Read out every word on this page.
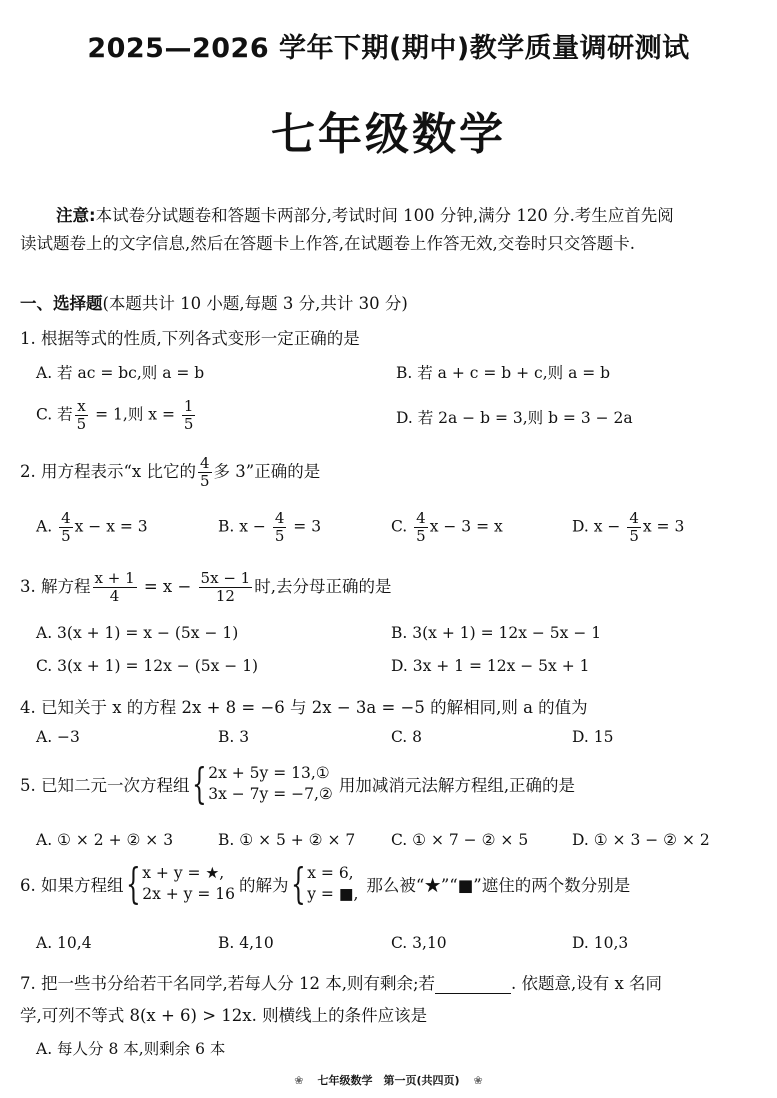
2025—2026 学年下期(期中)教学质量调研测试
七年级数学
注意:本试卷分试题卷和答题卡两部分,考试时间 100 分钟,满分 120 分.考生应首先阅
读试题卷上的文字信息,然后在答题卡上作答,在试题卷上作答无效,交卷时只交答题卡.
一、选择题(本题共计 10 小题,每题 3 分,共计 30 分)
1. 根据等式的性质,下列各式变形一定正确的是
A. 若 ac = bc,则 a = b	B. 若 a + c = b + c,则 a = b
C. 若 $\frac{x}{5} = 1$,则 $x = \frac{1}{5}$	D. 若 2a − b = 3,则 b = 3 − 2a
2. 用方程表示“x 比它的 $\frac{4}{5}$ 多 3”正确的是
A. $\frac{4}{5}$ x − x = 3	B. $x - \frac{4}{5} = 3$	C. $\frac{4}{5}$ x − 3 = x	D. $x - \frac{4}{5}$ x = 3
3. 解方程 $\frac{x + 1}{4} = x - \frac{5x - 1}{12}$ 时,去分母正确的是
A. 3(x + 1) = x − (5x − 1)	B. 3(x + 1) = 12x − 5x − 1
C. 3(x + 1) = 12x − (5x − 1)	D. 3x + 1 = 12x − 5x + 1
4. 已知关于 x 的方程 2x + 8 = −6 与 2x − 3a = −5 的解相同,则 a 的值为
A. −3	B. 3	C. 8	D. 15
5. 已知二元一次方程组 { 2x + 5y = 13,①
3x − 7y = −7,② 用加减消元法解方程组,正确的是
A. ① × 2 + ② × 3	B. ① × 5 + ② × 7 C. ① × 7 − ② × 5	D. ① × 3 − ② × 2
6. 如果方程组 { x + y = ★,
2x + y = 16 的解为 { x = 6,
y = ■, 那么被“★”“■”遮住的两个数分别是
A. 10,4	B. 4,10	C. 3,10	D. 10,3
7. 把一些书分给若干名同学,若每人分 12 本,则有剩余;若	. 依题意,设有 x 名同
学,可列不等式 8(x + 6) > 12x. 则横线上的条件应该是
A. 每人分 8 本,则剩余 6 本
❀ 七年级数学　第一页(共四页) ❀
